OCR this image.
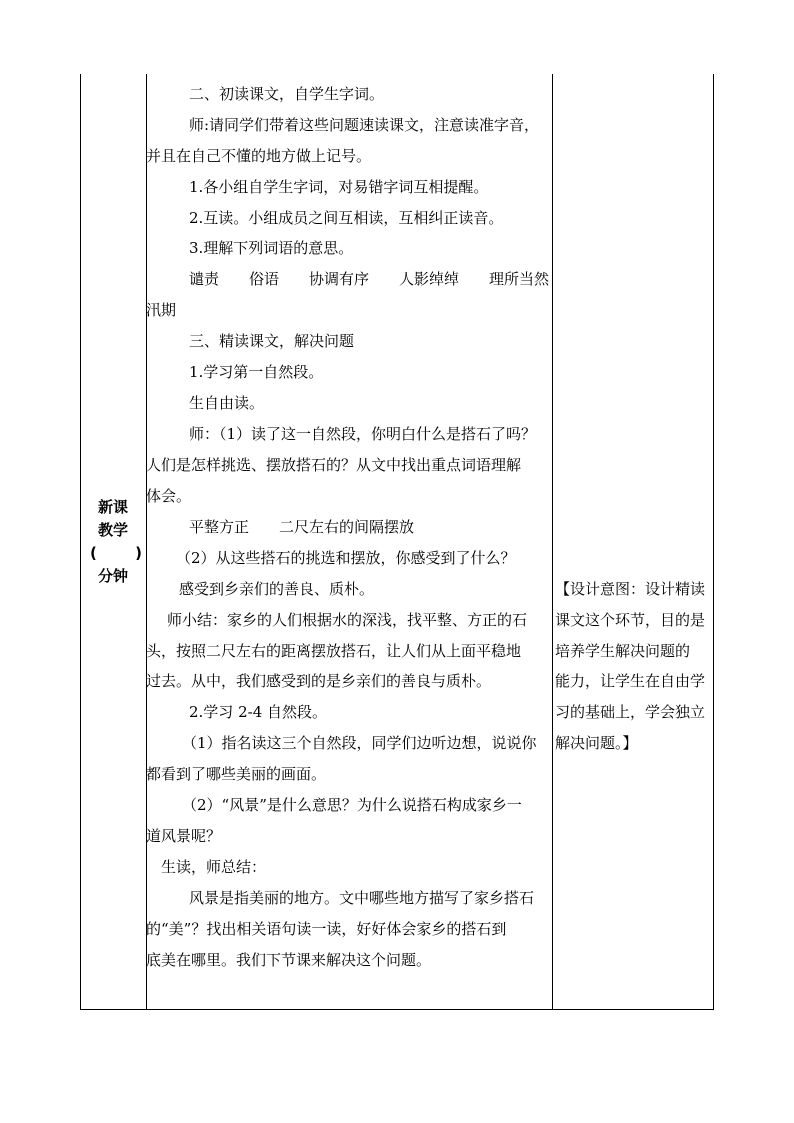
新课
教学
(	)
分钟
二、初读课文，自学生字词。
师:请同学们带着这些问题速读课文，注意读准字音，
并且在自己不懂的地方做上记号。
1.各小组自学生字词，对易错字词互相提醒。
2.互读。小组成员之间互相读，互相纠正读音。
3.理解下列词语的意思。
谴责　　俗语　　协调有序　　人影绰绰　　理所当然
汛期
三、精读课文，解决问题
1.学习第一自然段。
生自由读。
师：（1）读了这一自然段，你明白什么是搭石了吗？
人们是怎样挑选、摆放搭石的？从文中找出重点词语理解
体会。
平整方正　　二尺左右的间隔摆放
（2）从这些搭石的挑选和摆放，你感受到了什么？
感受到乡亲们的善良、质朴。
师小结：家乡的人们根据水的深浅，找平整、方正的石
头，按照二尺左右的距离摆放搭石，让人们从上面平稳地
过去。从中，我们感受到的是乡亲们的善良与质朴。
2.学习 2-4 自然段。
（1）指名读这三个自然段，同学们边听边想，说说你
都看到了哪些美丽的画面。
（2）“风景”是什么意思？为什么说搭石构成家乡一
道风景呢？
生读，师总结：
风景是指美丽的地方。文中哪些地方描写了家乡搭石
的“美”？找出相关语句读一读，好好体会家乡的搭石到
底美在哪里。我们下节课来解决这个问题。
【设计意图：设计精读
课文这个环节，目的是
培养学生解决问题的
能力，让学生在自由学
习的基础上，学会独立
解决问题。】
